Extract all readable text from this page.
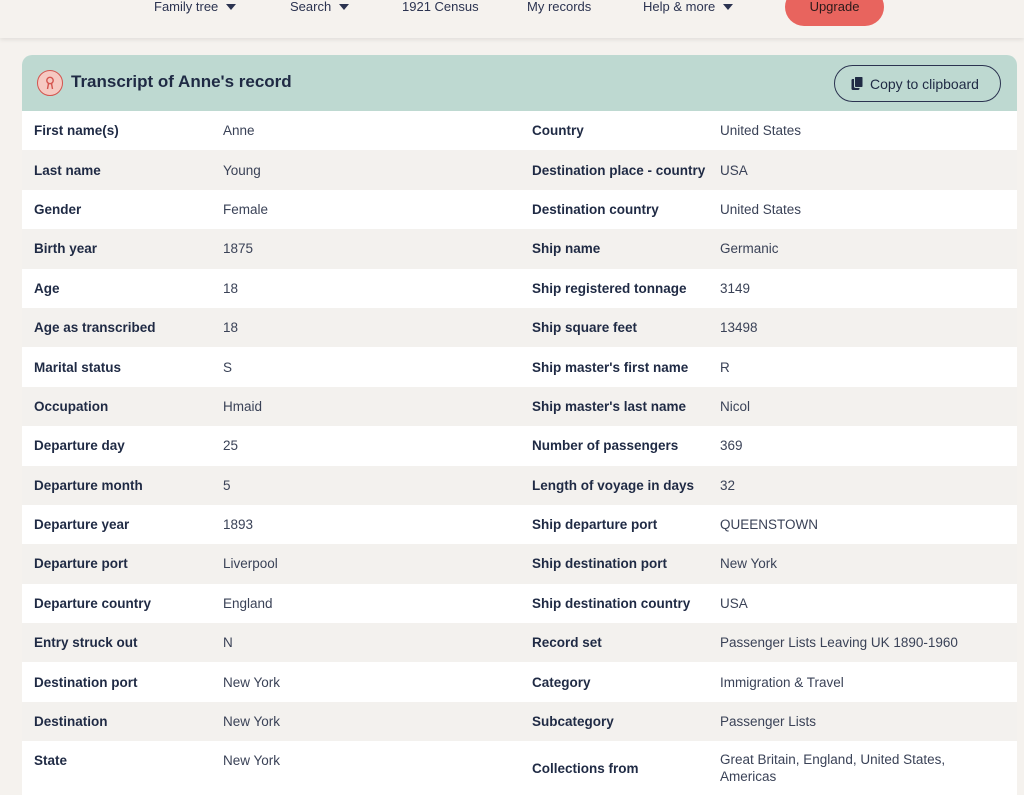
Family tree	Search	1921 Census	My records	Help & more	Upgrade
Transcript of Anne's record	Copy to clipboard
First name(s)	Anne	Country	United States
Last name	Young	Destination place - country	USA
Gender	Female	Destination country	United States
Birth year	1875	Ship name	Germanic
Age	18	Ship registered tonnage	3149
Age as transcribed	18	Ship square feet	13498
Marital status	S	Ship master's first name	R
Occupation	Hmaid	Ship master's last name	Nicol
Departure day	25	Number of passengers	369
Departure month	5	Length of voyage in days	32
Departure year	1893	Ship departure port	QUEENSTOWN
Departure port	Liverpool	Ship destination port	New York
Departure country	England	Ship destination country	USA
Entry struck out	N	Record set	Passenger Lists Leaving UK 1890-1960
Destination port	New York	Category	Immigration & Travel
Destination	New York	Subcategory	Passenger Lists
State	New York	Collections from
Great Britain, England, United States, Americas
